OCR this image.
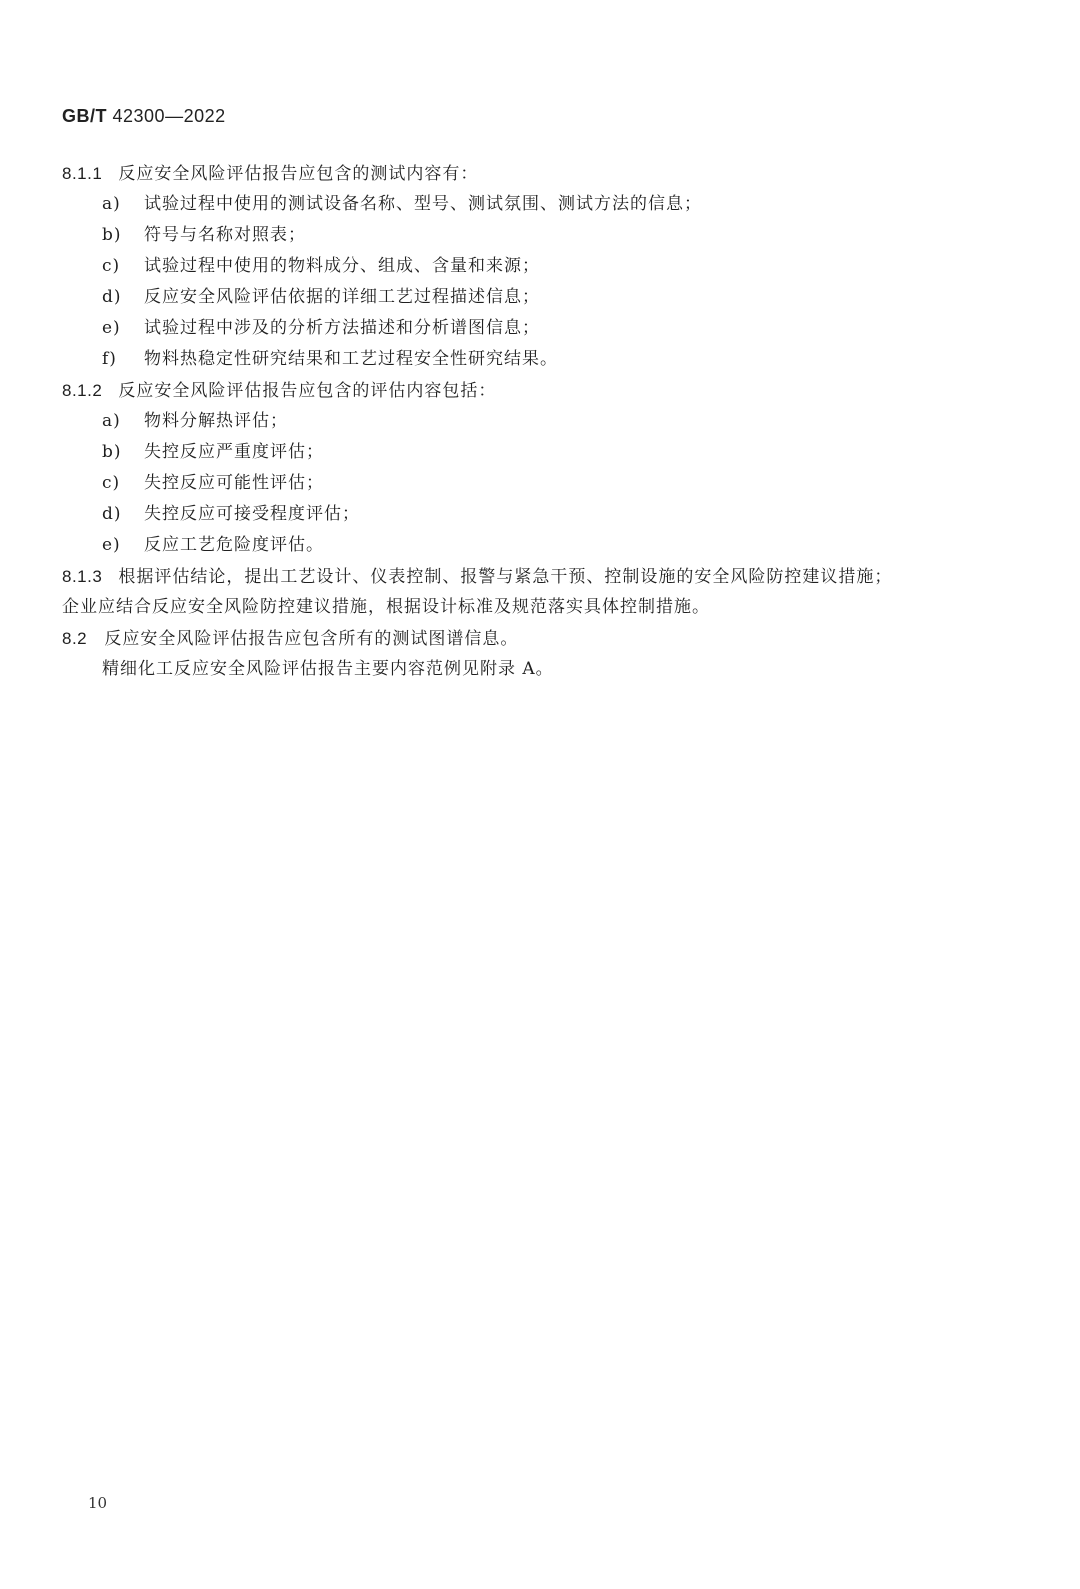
GB/T 42300—2022
8.1.1 反应安全风险评估报告应包含的测试内容有：
a) 试验过程中使用的测试设备名称、型号、测试氛围、测试方法的信息；
b) 符号与名称对照表；
c) 试验过程中使用的物料成分、组成、含量和来源；
d) 反应安全风险评估依据的详细工艺过程描述信息；
e) 试验过程中涉及的分析方法描述和分析谱图信息；
f) 物料热稳定性研究结果和工艺过程安全性研究结果。
8.1.2 反应安全风险评估报告应包含的评估内容包括：
a) 物料分解热评估；
b) 失控反应严重度评估；
c) 失控反应可能性评估；
d) 失控反应可接受程度评估；
e) 反应工艺危险度评估。
8.1.3 根据评估结论，提出工艺设计、仪表控制、报警与紧急干预、控制设施的安全风险防控建议措施；
企业应结合反应安全风险防控建议措施，根据设计标准及规范落实具体控制措施。
8.2 反应安全风险评估报告应包含所有的测试图谱信息。
精细化工反应安全风险评估报告主要内容范例见附录 A。
10
